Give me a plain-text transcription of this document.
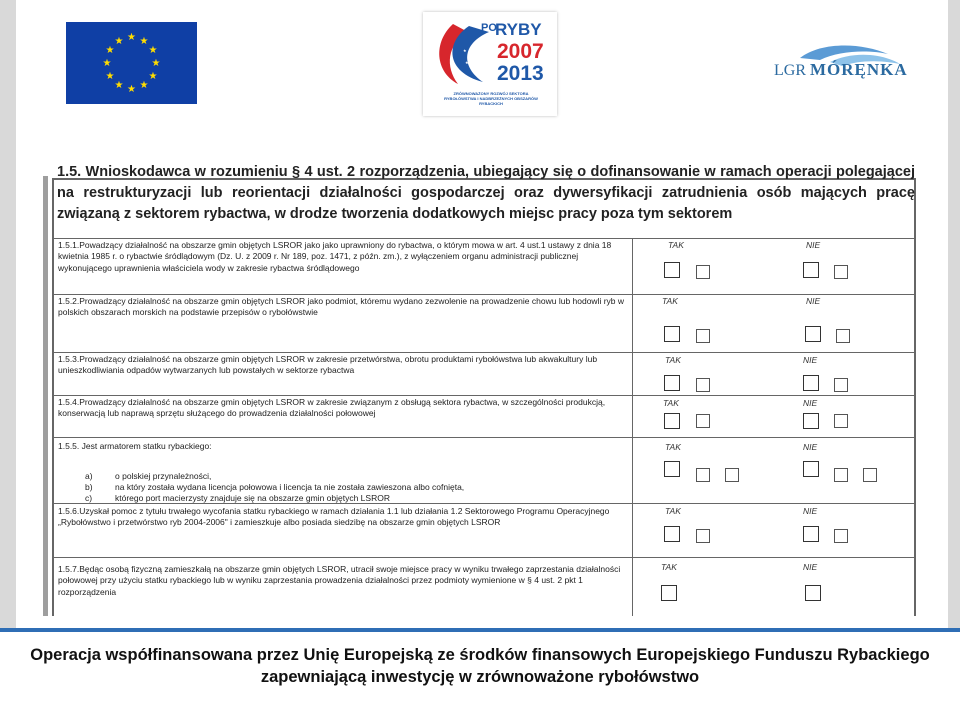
★ ★
★
★
★
★
★
★
★
★
★
★
★
★
★
★
PO
RYBY
2007
2013
ZRÓWNOWAŻONY ROZWÓJ SEKTORA RYBOŁÓWSTWA I NADBRZEŻNYCH OBSZARÓW RYBACKICH
LGR MÓRĘNKA
1.5. Wnioskodawca w rozumieniu § 4 ust. 2 rozporządzenia, ubiegający się o dofinansowanie w ramach operacji polegającej na restrukturyzacji lub reorientacji działalności gospodarczej oraz dywersyfikacji zatrudnienia osób mających pracę związaną z sektorem rybactwa, w drodze tworzenia dodatkowych miejsc pracy poza tym sektorem
1.5.1.Powadzący działalność na obszarze gmin objętych LSROR jako jako uprawniony do rybactwa, o którym mowa w art. 4 ust.1 ustawy z dnia 18 kwietnia 1985 r. o rybactwie śródlądowym (Dz. U. z 2009 r. Nr 189, poz. 1471, z późn. zm.), z wyłączeniem organu administracji publicznej wykonującego uprawnienia właściciela wody w zakresie rybactwa śródlądowego
TAK	NIE
1.5.2.Prowadzący działalność na obszarze gmin objętych LSROR jako podmiot, któremu wydano zezwolenie na prowadzenie chowu lub hodowli ryb w polskich obszarach morskich na podstawie przepisów o rybołówstwie
TAK	NIE
1.5.3.Prowadzący działalność na obszarze gmin objętych LSROR w zakresie przetwórstwa, obrotu produktami rybołówstwa lub akwakultury lub unieszkodliwiania odpadów wytwarzanych lub powstałych w sektorze rybactwa
TAK	NIE
1.5.4.Prowadzący działalność na obszarze gmin objętych LSROR w zakresie związanym z obsługą sektora rybactwa, w szczególności produkcją, konserwacją lub naprawą sprzętu służącego do prowadzenia działalności połowowej
TAK	NIE
1.5.5. Jest armatorem statku rybackiego:
a)	o polskiej przynależności,
b)	na który została wydana licencja połowowa i licencja ta nie została zawieszona albo cofnięta,
c)	którego port macierzysty znajduje się na obszarze gmin objętych LSROR
TAK	NIE
1.5.6.Uzyskał pomoc z tytułu trwałego wycofania statku rybackiego w ramach działania 1.1 lub działania 1.2 Sektorowego Programu Operacyjnego „Rybołówstwo i przetwórstwo ryb 2004-2006" i zamieszkuje albo posiada siedzibę na obszarze gmin objętych LSROR
TAK	NIE
1.5.7.Będąc osobą fizyczną zamieszkałą na obszarze gmin objętych LSROR, utracił swoje miejsce pracy w wyniku trwałego zaprzestania działalności połowowej przy użyciu statku rybackiego lub w wyniku zaprzestania prowadzenia działalności przez podmioty wymienione w § 4 ust. 2 pkt 1 rozporządzenia
TAK	NIE
Operacja współfinansowana przez Unię Europejską ze środków finansowych Europejskiego Funduszu Rybackiego
zapewniającą inwestycję w zrównoważone rybołówstwo
